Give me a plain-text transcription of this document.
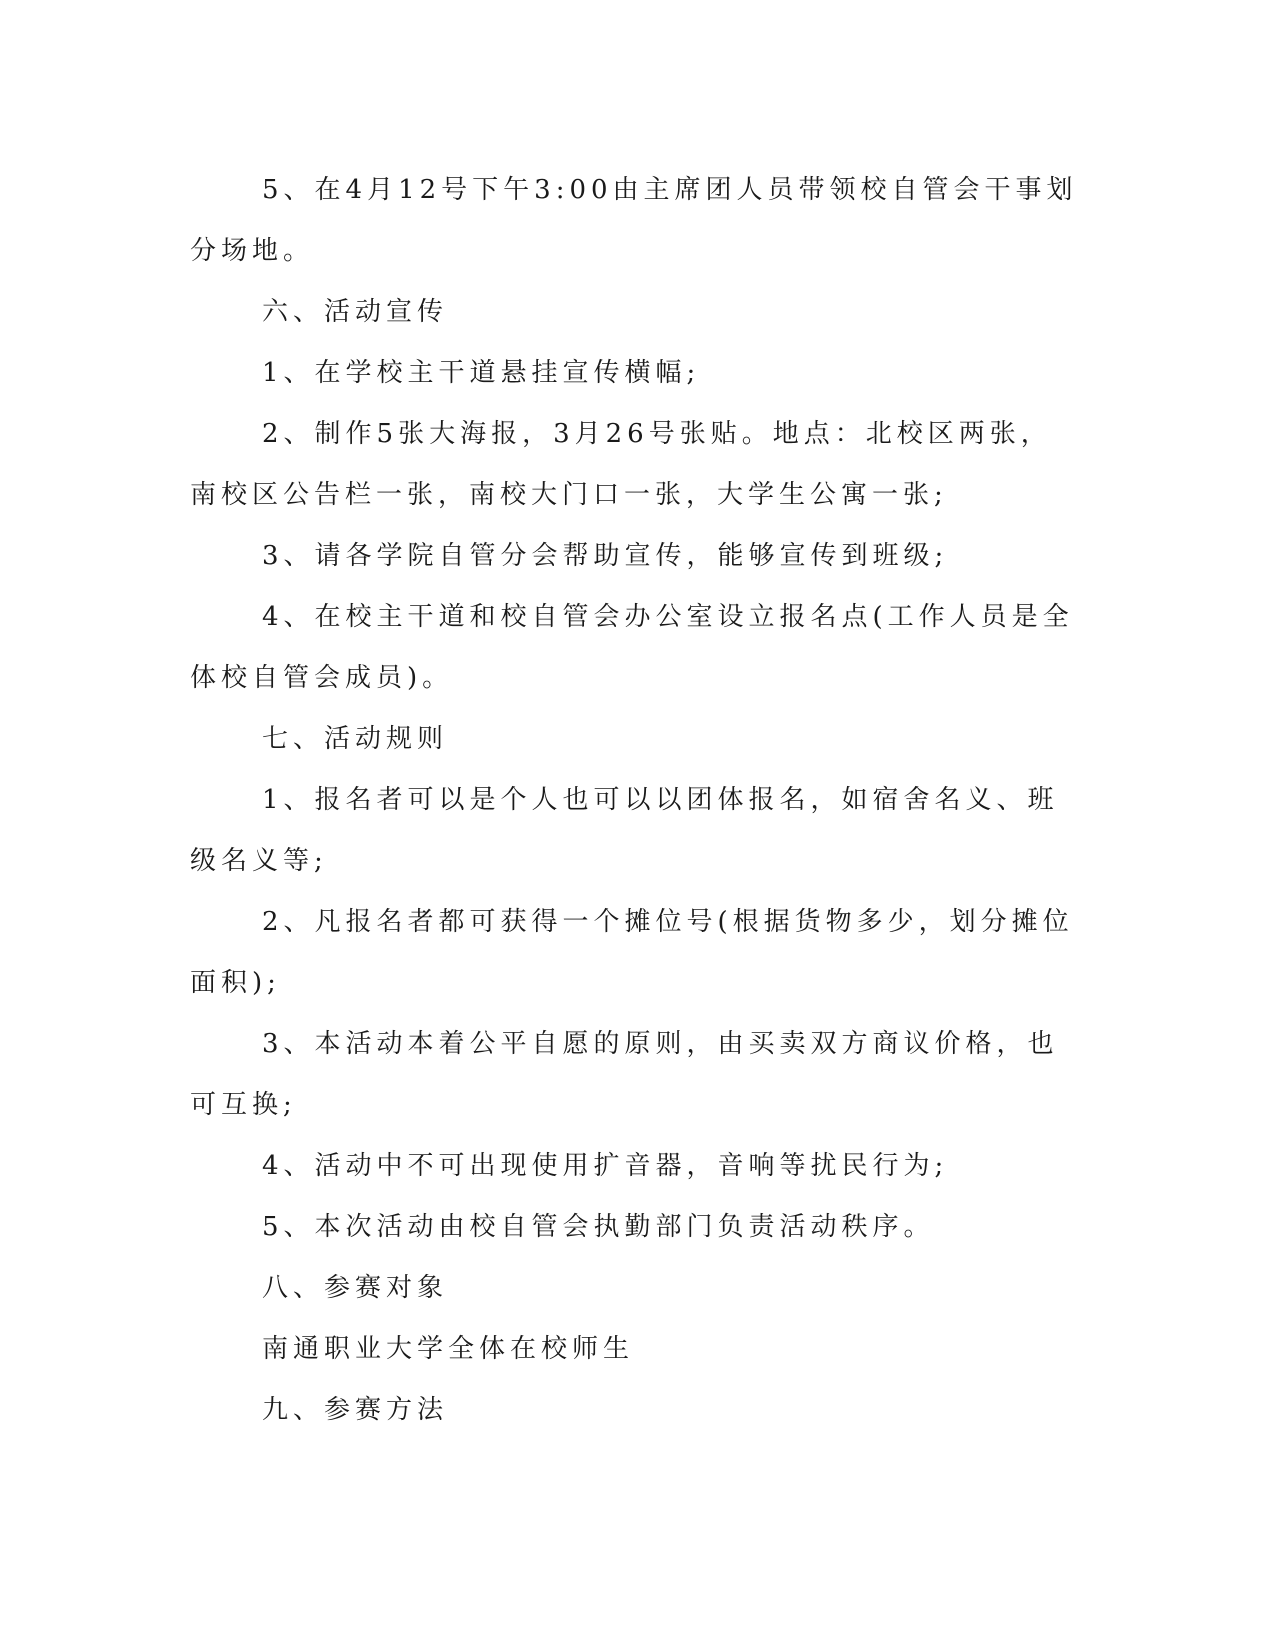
5、在4月12号下午3:00由主席团人员带领校自管会干事划分场地。

六、活动宣传

1、在学校主干道悬挂宣传横幅;

2、制作5张大海报，3月26号张贴。地点：北校区两张，南校区公告栏一张，南校大门口一张，大学生公寓一张;

3、请各学院自管分会帮助宣传，能够宣传到班级;

4、在校主干道和校自管会办公室设立报名点(工作人员是全体校自管会成员)。

七、活动规则

1、报名者可以是个人也可以以团体报名，如宿舍名义、班级名义等;

2、凡报名者都可获得一个摊位号(根据货物多少，划分摊位面积);

3、本活动本着公平自愿的原则，由买卖双方商议价格，也可互换;

4、活动中不可出现使用扩音器，音响等扰民行为;

5、本次活动由校自管会执勤部门负责活动秩序。

八、参赛对象

南通职业大学全体在校师生

九、参赛方法
